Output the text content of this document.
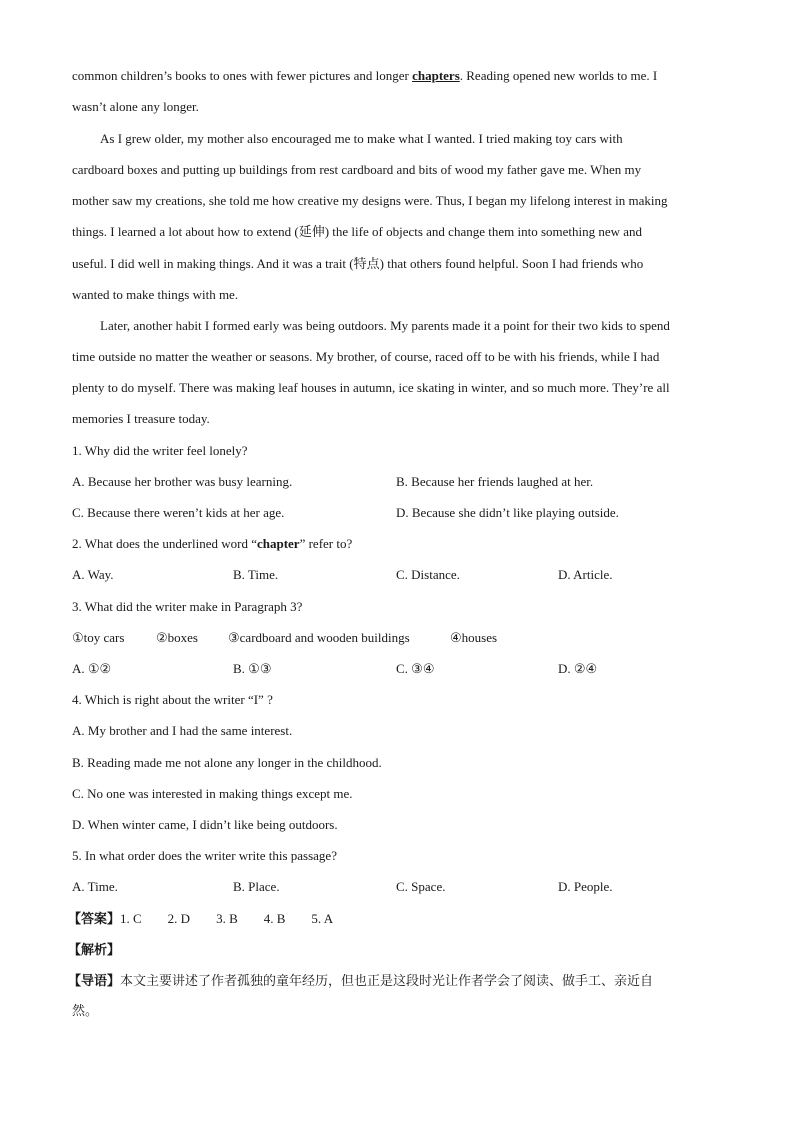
common children’s books to ones with fewer pictures and longer chapters. Reading opened new worlds to me. I
wasn’t alone any longer.
As I grew older, my mother also encouraged me to make what I wanted. I tried making toy cars with
cardboard boxes and putting up buildings from rest cardboard and bits of wood my father gave me. When my
mother saw my creations, she told me how creative my designs were. Thus, I began my lifelong interest in making
things. I learned a lot about how to extend (延伸) the life of objects and change them into something new and
useful. I did well in making things. And it was a trait (特点) that others found helpful. Soon I had friends who
wanted to make things with me.
Later, another habit I formed early was being outdoors. My parents made it a point for their two kids to spend
time outside no matter the weather or seasons. My brother, of course, raced off to be with his friends, while I had
plenty to do myself. There was making leaf houses in autumn, ice skating in winter, and so much more. They’re all
memories I treasure today.
1. Why did the writer feel lonely?
A. Because her brother was busy learning.	B. Because her friends laughed at her.
C. Because there weren’t kids at her age.	D. Because she didn’t like playing outside.
2. What does the underlined word “chapter” refer to?
A. Way.	B. Time.	C. Distance.	D. Article.
3. What did the writer make in Paragraph 3?
①toy cars ②boxes ③cardboard and wooden buildings	④houses
A. ①②	B. ①③	C. ③④	D. ②④
4. Which is right about the writer “I” ?
A. My brother and I had the same interest.
B. Reading made me not alone any longer in the childhood.
C. No one was interested in making things except me.
D. When winter came, I didn’t like being outdoors.
5. In what order does the writer write this passage?
A. Time.	B. Place.	C. Space.	D. People.
【答案】1. C        2. D        3. B        4. B        5. A
【解析】
【导语】本文主要讲述了作者孤独的童年经历，但也正是这段时光让作者学会了阅读、做手工、亲近自
然。
